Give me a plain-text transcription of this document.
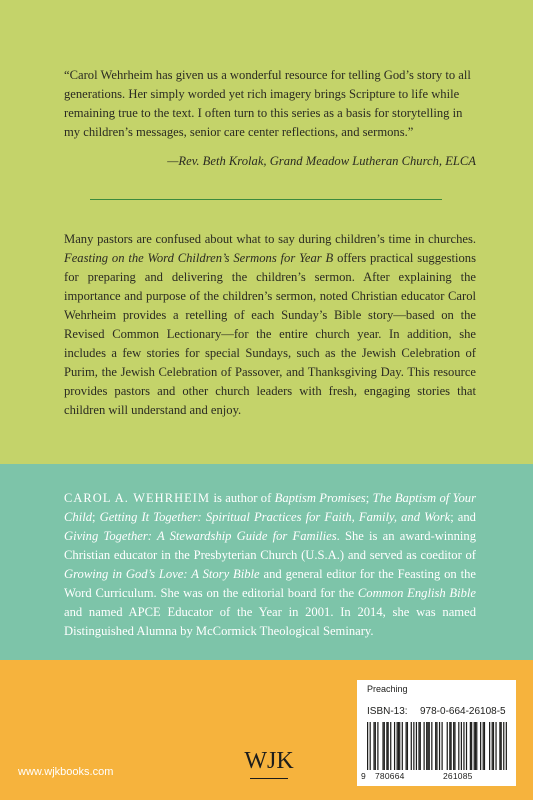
“Carol Wehrheim has given us a wonderful resource for telling God’s story to all generations. Her simply worded yet rich imagery brings Scripture to life while remaining true to the text. I often turn to this series as a basis for storytelling in my children’s messages, senior care center reflections, and sermons.”
—Rev. Beth Krolak, Grand Meadow Lutheran Church, ELCA
Many pastors are confused about what to say during children’s time in churches. Feasting on the Word Children’s Sermons for Year B offers practical suggestions for preparing and delivering the children’s sermon. After explaining the importance and purpose of the children’s sermon, noted Christian educator Carol Wehrheim provides a retelling of each Sunday’s Bible story—based on the Revised Common Lectionary—for the entire church year. In addition, she includes a few stories for special Sundays, such as the Jewish Celebration of Purim, the Jewish Celebration of Passover, and Thanksgiving Day. This resource provides pastors and other church leaders with fresh, engaging stories that children will understand and enjoy.
CAROL A. WEHRHEIM is author of Baptism Promises; The Baptism of Your Child; Getting It Together: Spiritual Practices for Faith, Family, and Work; and Giving Together: A Stewardship Guide for Families. She is an award-winning Christian educator in the Presbyterian Church (U.S.A.) and served as coeditor of Growing in God’s Love: A Story Bible and general editor for the Feasting on the Word Curriculum. She was on the editorial board for the Common English Bible and named APCE Educator of the Year in 2001. In 2014, she was named Distinguished Alumna by McCormick Theological Seminary.
www.wjkbooks.com	WJK
Preaching
ISBN-13: 978-0-664-26108-5
9 780664	261085
